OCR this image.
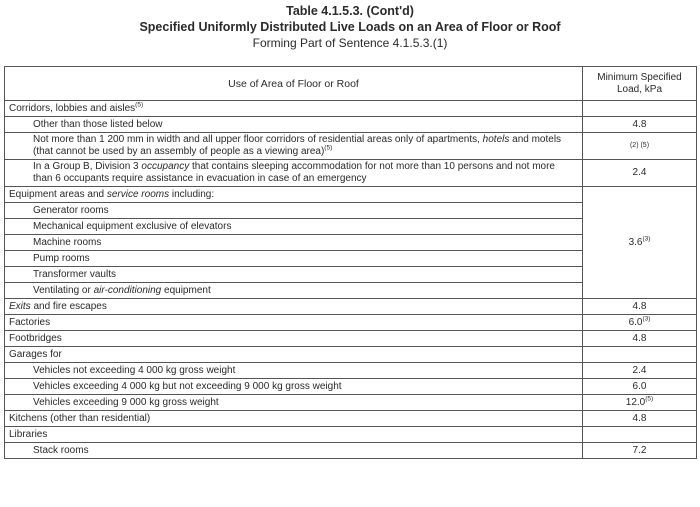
Table 4.1.5.3. (Cont'd)
Specified Uniformly Distributed Live Loads on an Area of Floor or Roof
Forming Part of Sentence 4.1.5.3.(1)
Use of Area of Floor or Roof	Minimum Specified
Load, kPa
Corridors, lobbies and aisles$^{(5)}$	
Other than those listed below	4.8
Not more than 1 200 mm in width and all upper floor corridors of residential areas only of apartments, hotels and motels
(that cannot be used by an assembly of people as a viewing area)$^{(5)}$	(2) (5)
In a Group B, Division 3 occupancy that contains sleeping accommodation for not more than 10 persons and not more
than 6 occupants require assistance in evacuation in case of an emergency	2.4
Equipment areas and service rooms including:	3.6$^{(3)}$
Generator rooms	
Mechanical equipment exclusive of elevators	
Machine rooms	
Pump rooms	
Transformer vaults	
Ventilating or air-conditioning equipment	
Exits and fire escapes	4.8
Factories	6.0$^{(3)}$
Footbridges	4.8
Garages for	
Vehicles not exceeding 4 000 kg gross weight	2.4
Vehicles exceeding 4 000 kg but not exceeding 9 000 kg gross weight	6.0
Vehicles exceeding 9 000 kg gross weight	12.0$^{(5)}$
Kitchens (other than residential)	4.8
Libraries	
Stack rooms	7.2
